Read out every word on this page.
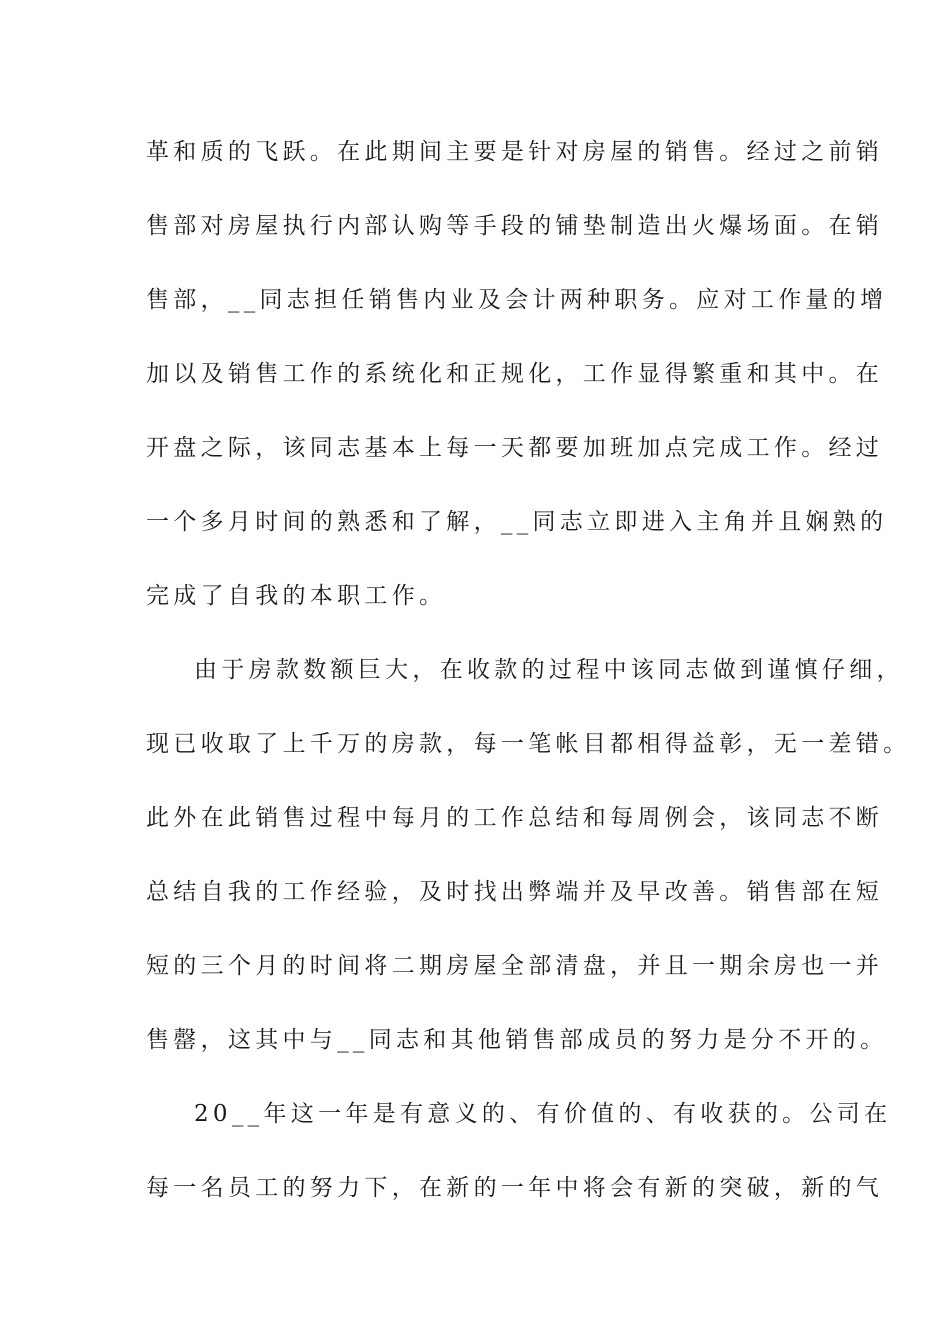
革和质的飞跃。在此期间主要是针对房屋的销售。经过之前销
售部对房屋执行内部认购等手段的铺垫制造出火爆场面。在销
售部，__同志担任销售内业及会计两种职务。应对工作量的增
加以及销售工作的系统化和正规化，工作显得繁重和其中。在
开盘之际，该同志基本上每一天都要加班加点完成工作。经过
一个多月时间的熟悉和了解，__同志立即进入主角并且娴熟的
完成了自我的本职工作。
由于房款数额巨大，在收款的过程中该同志做到谨慎仔细，
现已收取了上千万的房款，每一笔帐目都相得益彰，无一差错。
此外在此销售过程中每月的工作总结和每周例会，该同志不断
总结自我的工作经验，及时找出弊端并及早改善。销售部在短
短的三个月的时间将二期房屋全部清盘，并且一期余房也一并
售罄，这其中与__同志和其他销售部成员的努力是分不开的。
20__年这一年是有意义的、有价值的、有收获的。公司在
每一名员工的努力下，在新的一年中将会有新的突破，新的气
